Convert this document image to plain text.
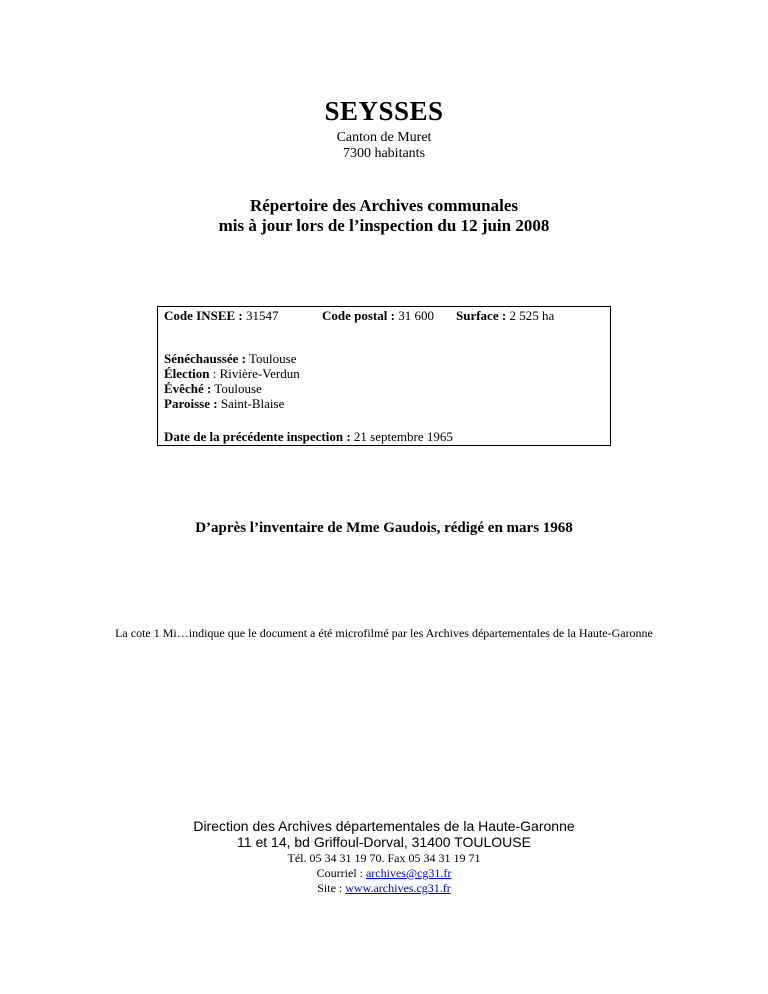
SEYSSES
Canton de Muret
7300 habitants
Répertoire des Archives communales
mis à jour lors de l’inspection du 12 juin 2008
Code INSEE : 31547	Code postal : 31 600 Surface : 2 525 ha
Sénéchaussée : Toulouse
Élection : Rivière-Verdun
Évêché : Toulouse
Paroisse : Saint-Blaise
Date de la précédente inspection : 21 septembre 1965
D’après l’inventaire de Mme Gaudois, rédigé en mars 1968
La cote 1 Mi…indique que le document a été microfilmé par les Archives départementales de la Haute-Garonne
Direction des Archives départementales de la Haute-Garonne
11 et 14, bd Griffoul-Dorval, 31400 TOULOUSE
Tél. 05 34 31 19 70. Fax 05 34 31 19 71
Courriel : archives@cg31.fr
Site : www.archives.cg31.fr
